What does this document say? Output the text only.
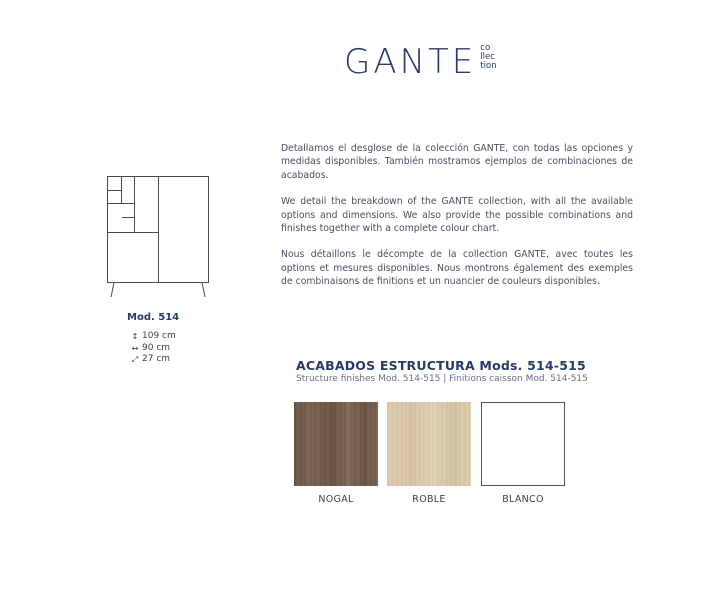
GANTE co
llec
tion

Detallamos el desglose de la colección GANTE, con todas las opciones y medidas disponibles. También mostramos ejemplos de combinaciones de acabados.

We detail the breakdown of the GANTE collection, with all the available options and dimensions. We also provide the possible combinations and finishes together with a complete colour chart.

Nous détaillons le décompte de la collection GANTE, avec toutes les options et mesures disponibles. Nous montrons également des exemples de combinaisons de finitions et un nuancier de couleurs disponibles.

Mod. 514
↕ 109 cm
↔ 90 cm
⤢ 27 cm	ACABADOS ESTRUCTURA Mods. 514-515
Structure finishes Mod. 514-515 | Finitions caisson Mod. 514-515
NOGAL	ROBLE	BLANCO
